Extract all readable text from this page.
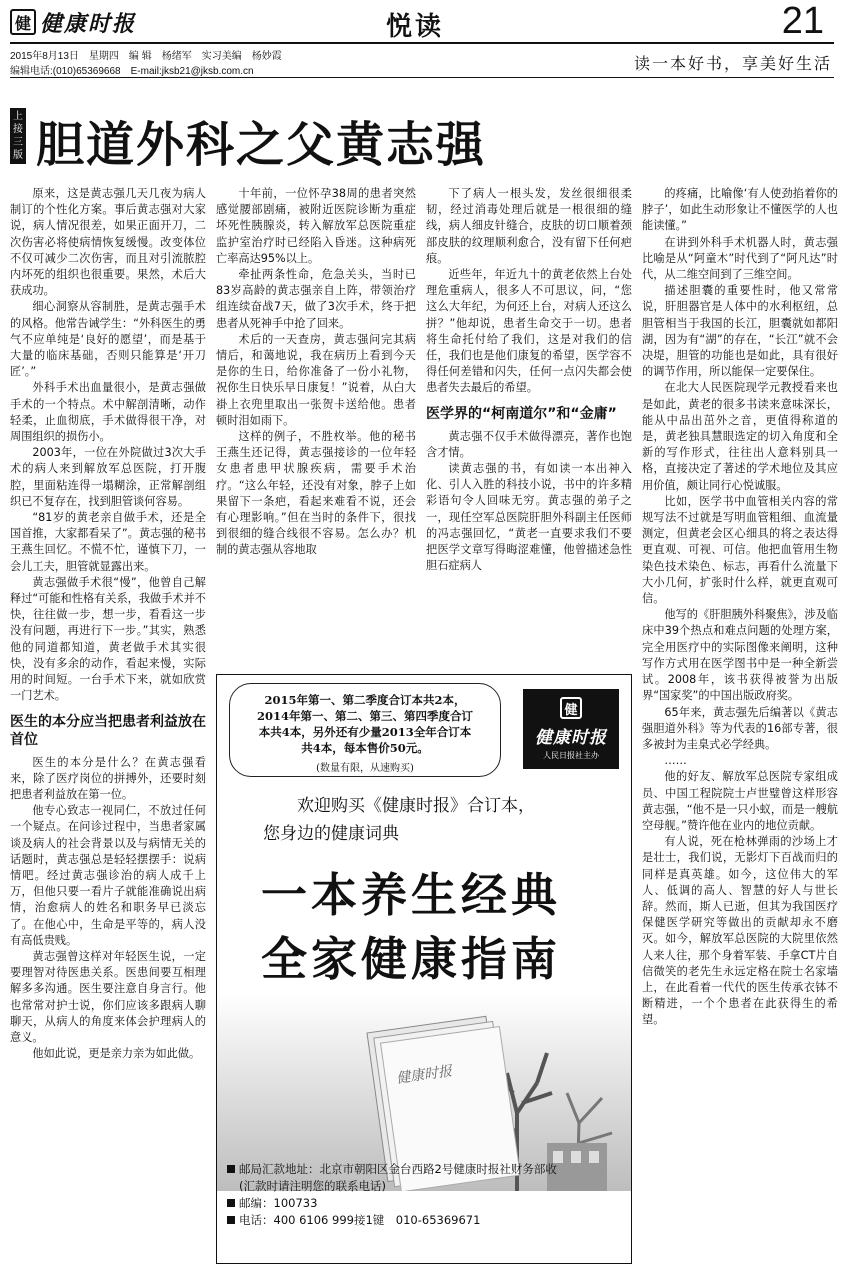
健 健康时报	悦读	21
2015年8月13日　星期四　编 辑　杨绪军　实习美编　杨妙霞
编辑电话:(010)65369668　E-mail:jksb21@jksb.com.cn	读一本好书，享美好生活
上接三版 胆道外科之父黄志强

原来，这是黄志强几天几夜为病人制订的个性化方案。事后黄志强对大家说，病人情况很差，如果正面开刀，二次伤害必将使病情恢复缓慢。改变体位不仅可减少二次伤害，而且对引流脓腔内坏死的组织也很重要。果然，术后大获成功。

细心洞察从容制胜，是黄志强手术的风格。他常告诫学生：“外科医生的勇气不应单纯是‘良好的愿望’，而是基于大量的临床基础，否则只能算是‘开刀匠’。”

外科手术出血量很小，是黄志强做手术的一个特点。术中解剖清晰，动作轻柔，止血彻底，手术做得很干净，对周围组织的损伤小。

2003年，一位在外院做过3次大手术的病人来到解放军总医院，打开腹腔，里面粘连得一塌糊涂，正常解剖组织已不复存在，找到胆管谈何容易。

“81岁的黄老亲自做手术，还是全国首推，大家都看呆了”。黄志强的秘书王燕生回忆。不慌不忙，谨慎下刀，一会儿工夫，胆管就显露出来。

黄志强做手术很“慢”，他曾自己解释过“可能和性格有关系，我做手术并不快，往往做一步，想一步，看看这一步没有问题，再进行下一步。”其实，熟悉他的同道都知道，黄老做手术其实很快，没有多余的动作，看起来慢，实际用的时间短。一台手术下来，就如欣赏一门艺术。

医生的本分应当把患者利益放在首位

医生的本分是什么？在黄志强看来，除了医疗岗位的拼搏外，还要时刻把患者利益放在第一位。

他专心致志一视同仁，不放过任何一个疑点。在问诊过程中，当患者家属谈及病人的社会背景以及与病情无关的话题时，黄志强总是轻轻摆摆手：说病情吧。经过黄志强诊治的病人成千上万，但他只要一看片子就能准确说出病情，治愈病人的姓名和职务早已淡忘了。在他心中，生命是平等的，病人没有高低贵贱。

黄志强曾这样对年轻医生说，一定要理智对待医患关系。医患间要互相理解多多沟通。医生要注意自身言行。他也常常对护士说，你们应该多跟病人聊聊天，从病人的角度来体会护理病人的意义。

他如此说，更是亲力亲为如此做。

十年前，一位怀孕38周的患者突然感觉腰部剧痛，被附近医院诊断为重症坏死性胰腺炎，转入解放军总医院重症监护室治疗时已经陷入昏迷。这种病死亡率高达95%以上。

牵扯两条性命，危急关头，当时已83岁高龄的黄志强亲自上阵，带领治疗组连续奋战7天，做了3次手术，终于把患者从死神手中抢了回来。

术后的一天查房，黄志强问完其病情后，和蔼地说，我在病历上看到今天是你的生日，给你准备了一份小礼物，祝你生日快乐早日康复！”说着，从白大褂上衣兜里取出一张贺卡送给他。患者顿时泪如雨下。

这样的例子，不胜枚举。他的秘书王燕生还记得，黄志强接诊的一位年轻女患者患甲状腺疾病，需要手术治疗。“这么年轻，还没有对象，脖子上如果留下一条疤，看起来难看不说，还会有心理影响。”但在当时的条件下，很找到很细的缝合线很不容易。怎么办？机制的黄志强从容地取

下了病人一根头发，发丝很细很柔韧，经过消毒处理后就是一根很细的缝线，病人细皮针缝合，皮肤的切口顺着颈部皮肤的纹理顺利愈合，没有留下任何疤痕。

近些年，年近九十的黄老依然上台处理危重病人，很多人不可思议，问，“您这么大年纪，为何还上台，对病人还这么拼？”他却说，患者生命交于一切。患者将生命托付给了我们，这是对我们的信任，我们也是他们康复的希望，医学容不得任何差错和闪失，任何一点闪失都会使患者失去最后的希望。

医学界的“柯南道尔”和“金庸”

黄志强不仅手术做得漂亮，著作也饱含才情。

读黄志强的书，有如读一本出神入化、引人入胜的科技小说，书中的许多精彩语句令人回味无穷。黄志强的弟子之一，现任空军总医院肝胆外科副主任医师的冯志强回忆，“黄老一直要求我们不要把医学文章写得晦涩难懂，他曾描述急性胆石症病人

的疼痛，比喻像‘有人使劲掐着你的脖子’，如此生动形象让不懂医学的人也能读懂。”

在讲到外科手术机器人时，黄志强比喻是从“阿童木”时代到了“阿凡达”时代，从二维空间到了三维空间。

描述胆囊的重要性时，他又常常说，肝胆器官是人体中的水利枢纽，总胆管相当于我国的长江，胆囊就如都阳湖，因为有“湖”的存在，“长江”就不会决堤，胆管的功能也是如此，具有很好的调节作用，所以能保一定要保住。

在北大人民医院现学元教授看来也是如此，黄老的很多书读来意味深长，能从中品出茁外之音，更值得称道的是，黄老独具慧眼选定的切入角度和全新的写作形式，往往出人意料别具一格，直接决定了著述的学术地位及其应用价值，颇让同行心悦诚服。

比如，医学书中血管相关内容的常规写法不过就是写明血管粗细、血流量测定，但黄老会区心细具的将之表达得更直观、可视、可信。他把血管用生物染色技术染色、标志，再看什么流量下大小几何，扩张时什么样，就更直观可信。

他写的《肝胆胰外科聚焦》，涉及临床中39个热点和难点问题的处理方案，完全用医疗中的实际图像来阐明，这种写作方式用在医学图书中是一种全新尝试。2008年，该书获得被誉为出版界“国家奖”的中国出版政府奖。

65年来，黄志强先后编著以《黄志强胆道外科》等为代表的16部专著，很多被封为圭臬式必学经典。

……

他的好友、解放军总医院专家组成员、中国工程院院士卢世璧曾这样形容黄志强，“他不是一只小蚁，而是一艘航空母舰。”赞许他在业内的地位贡献。

有人说，死在枪林弹雨的沙场上才是壮士，我们说，无影灯下百战而归的同样是真英雄。如今，这位伟大的军人、低调的高人、智慧的好人与世长辞。然而，斯人已逝，但其为我国医疗保健医学研究等做出的贡献却永不磨灭。如今，解放军总医院的大院里依然人来人往，那个身着军装、手拿CT片自信微笑的老先生永远定格在院士名家墙上，在此看着一代代的医生传承衣钵不断精进，一个个患者在此获得生的希望。

2015年第一、第二季度合订本共2本，
2014年第一、第二、第三、第四季度合订
本共4本，另外还有少量2013全年合订本
共4本，每本售价50元。
(数量有限，从速购买)
健
健康时报
人民日报社主办
欢迎购买《健康时报》合订本，
您身边的健康词典
一本养生经典
全家健康指南
健康时报
邮局汇款地址：北京市朝阳区金台西路2号健康时报社财务部收
(汇款时请注明您的联系电话)
邮编：100733
电话：400 6106 999接1键　010-65369671
